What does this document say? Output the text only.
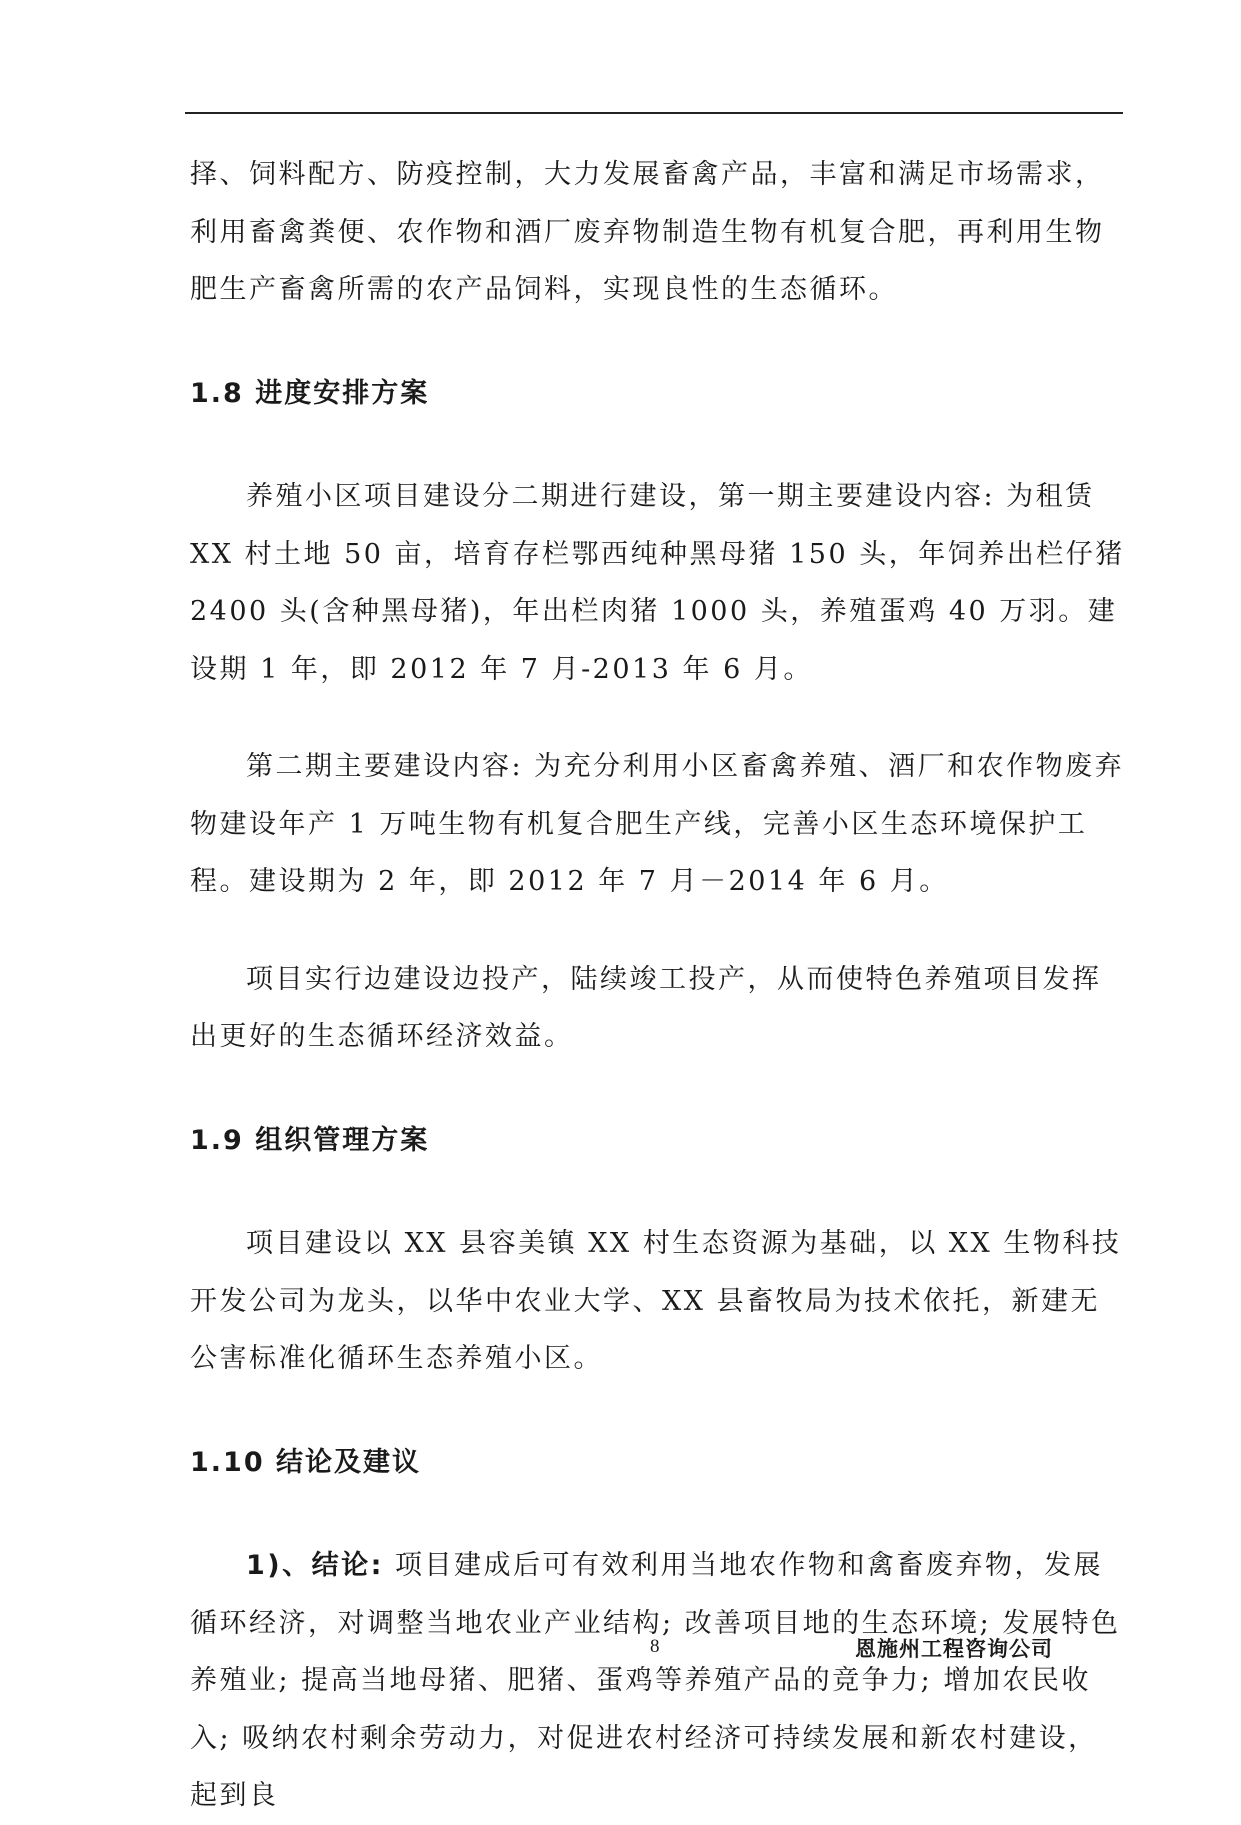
择、饲料配方、防疫控制，大力发展畜禽产品，丰富和满足市场需求，利用畜禽粪便、农作物和酒厂废弃物制造生物有机复合肥，再利用生物肥生产畜禽所需的农产品饲料，实现良性的生态循环。

1.8 进度安排方案

养殖小区项目建设分二期进行建设，第一期主要建设内容: 为租赁 XX 村土地 50 亩，培育存栏鄂西纯种黑母猪 150 头，年饲养出栏仔猪 2400 头(含种黑母猪)，年出栏肉猪 1000 头，养殖蛋鸡 40 万羽。建设期 1 年，即 2012 年 7 月-2013 年 6 月。

第二期主要建设内容: 为充分利用小区畜禽养殖、酒厂和农作物废弃物建设年产 1 万吨生物有机复合肥生产线，完善小区生态环境保护工程。建设期为 2 年，即 2012 年 7 月－2014 年 6 月。

项目实行边建设边投产，陆续竣工投产，从而使特色养殖项目发挥出更好的生态循环经济效益。

1.9 组织管理方案

项目建设以 XX 县容美镇 XX 村生态资源为基础，以 XX 生物科技开发公司为龙头，以华中农业大学、XX 县畜牧局为技术依托，新建无公害标准化循环生态养殖小区。

1.10 结论及建议

1)、结论: 项目建成后可有效利用当地农作物和禽畜废弃物，发展循环经济，对调整当地农业产业结构; 改善项目地的生态环境; 发展特色养殖业; 提高当地母猪、肥猪、蛋鸡等养殖产品的竞争力; 增加农民收入; 吸纳农村剩余劳动力，对促进农村经济可持续发展和新农村建设，起到良

8	恩施州工程咨询公司
